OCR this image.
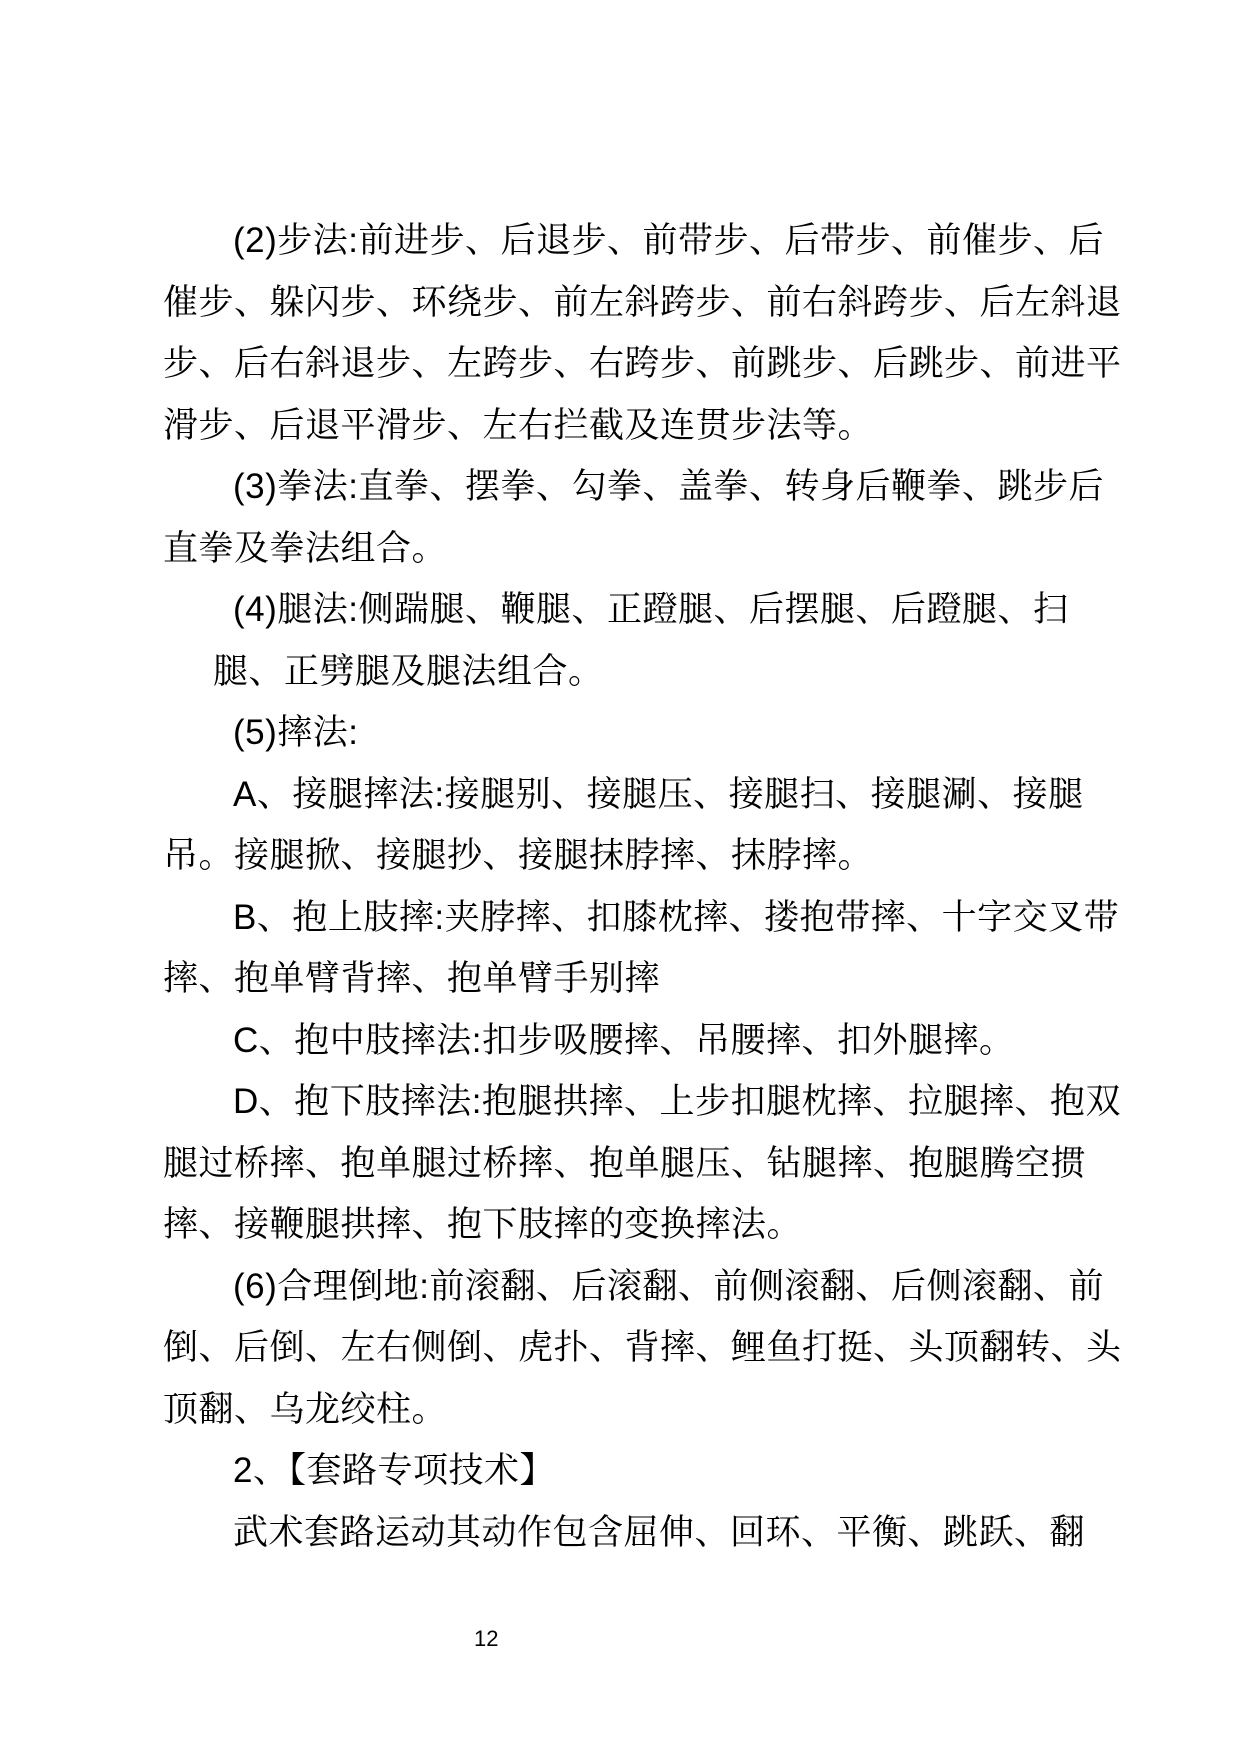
(2)步法:前进步、后退步、前带步、后带步、前催步、后
催步、躲闪步、环绕步、前左斜跨步、前右斜跨步、后左斜退
步、后右斜退步、左跨步、右跨步、前跳步、后跳步、前进平
滑步、后退平滑步、左右拦截及连贯步法等。
(3)拳法:直拳、摆拳、勾拳、盖拳、转身后鞭拳、跳步后
直拳及拳法组合。
(4)腿法:侧踹腿、鞭腿、正蹬腿、后摆腿、后蹬腿、扫
腿、正劈腿及腿法组合。
(5)摔法:
A、接腿摔法:接腿别、接腿压、接腿扫、接腿涮、接腿
吊。接腿掀、接腿抄、接腿抹脖摔、抹脖摔。
B、抱上肢摔:夹脖摔、扣膝枕摔、搂抱带摔、十字交叉带
摔、抱单臂背摔、抱单臂手别摔
C、抱中肢摔法:扣步吸腰摔、吊腰摔、扣外腿摔。
D、抱下肢摔法:抱腿拱摔、上步扣腿枕摔、拉腿摔、抱双
腿过桥摔、抱单腿过桥摔、抱单腿压、钻腿摔、抱腿腾空掼
摔、接鞭腿拱摔、抱下肢摔的变换摔法。
(6)合理倒地:前滚翻、后滚翻、前侧滚翻、后侧滚翻、前
倒、后倒、左右侧倒、虎扑、背摔、鲤鱼打挺、头顶翻转、头
顶翻、乌龙绞柱。
2、【套路专项技术】
武术套路运动其动作包含屈伸、回环、平衡、跳跃、翻
12
